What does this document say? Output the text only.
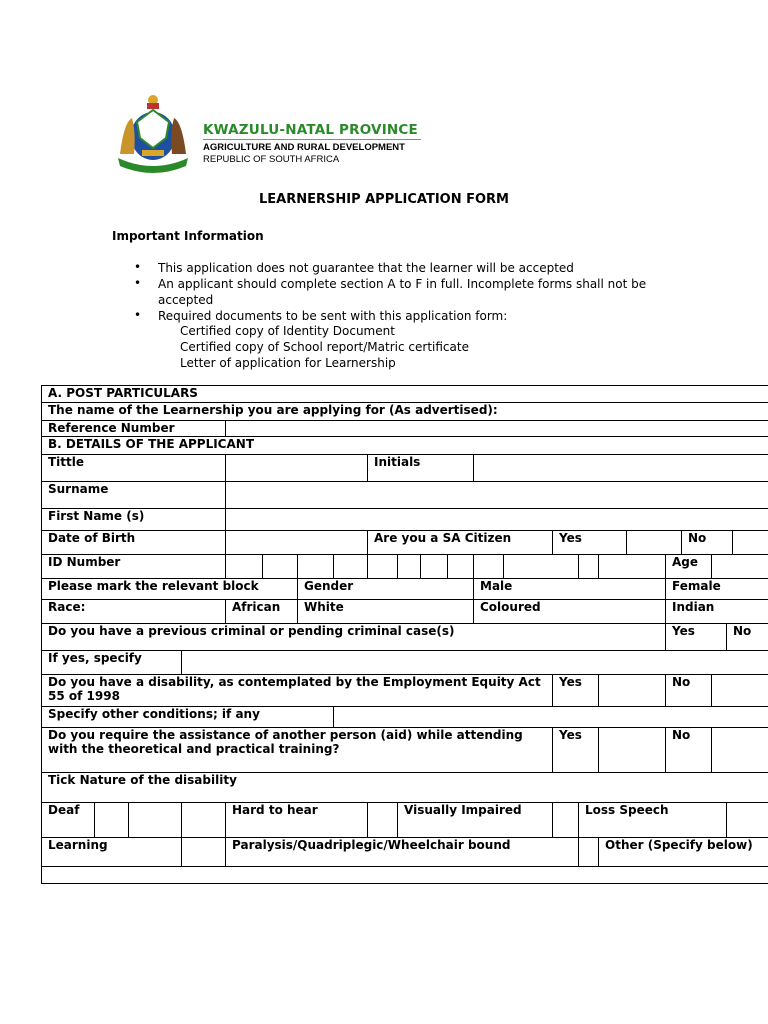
KWAZULU-NATAL PROVINCE
AGRICULTURE AND RURAL DEVELOPMENT
REPUBLIC OF SOUTH AFRICA
LEARNERSHIP APPLICATION FORM
Important Information
• This application does not guarantee that the learner will be accepted
• An applicant should complete section A to F in full. Incomplete forms shall not be
accepted
• Required documents to be sent with this application form:
Certified copy of Identity Document
Certified copy of School report/Matric certificate
Letter of application for Learnership
A. POST PARTICULARS																						
The name of the Learnership you are applying for (As advertised):																						
Reference Number																						
B. DETAILS OF THE APPLICANT																						
Tittle								Initials														
Surname																						
First Name (s)																						
Date of Birth								Are you a SA Citizen						Yes					No			
ID Number																		Age				
Please mark the relevant block						Gender						Male						Female				
Race:				African		White						Coloured						Indian				
Do you have a previous criminal or pending criminal case(s)																		Yes			No	
If yes, specify																						
Do you have a disability, as contemplated by the Employment Equity Act 55 of 1998														Yes				No				
Specify other conditions; if any																						
Do you require the assistance of another person (aid) while attending with the theoretical and practical training?														Yes				No				
Tick Nature of the disability																						
Deaf				Hard to hear					Visually Impaired						Loss Speech							
Learning				Paralysis/Quadriplegic/Wheelchair bound												Other (Specify below)						
